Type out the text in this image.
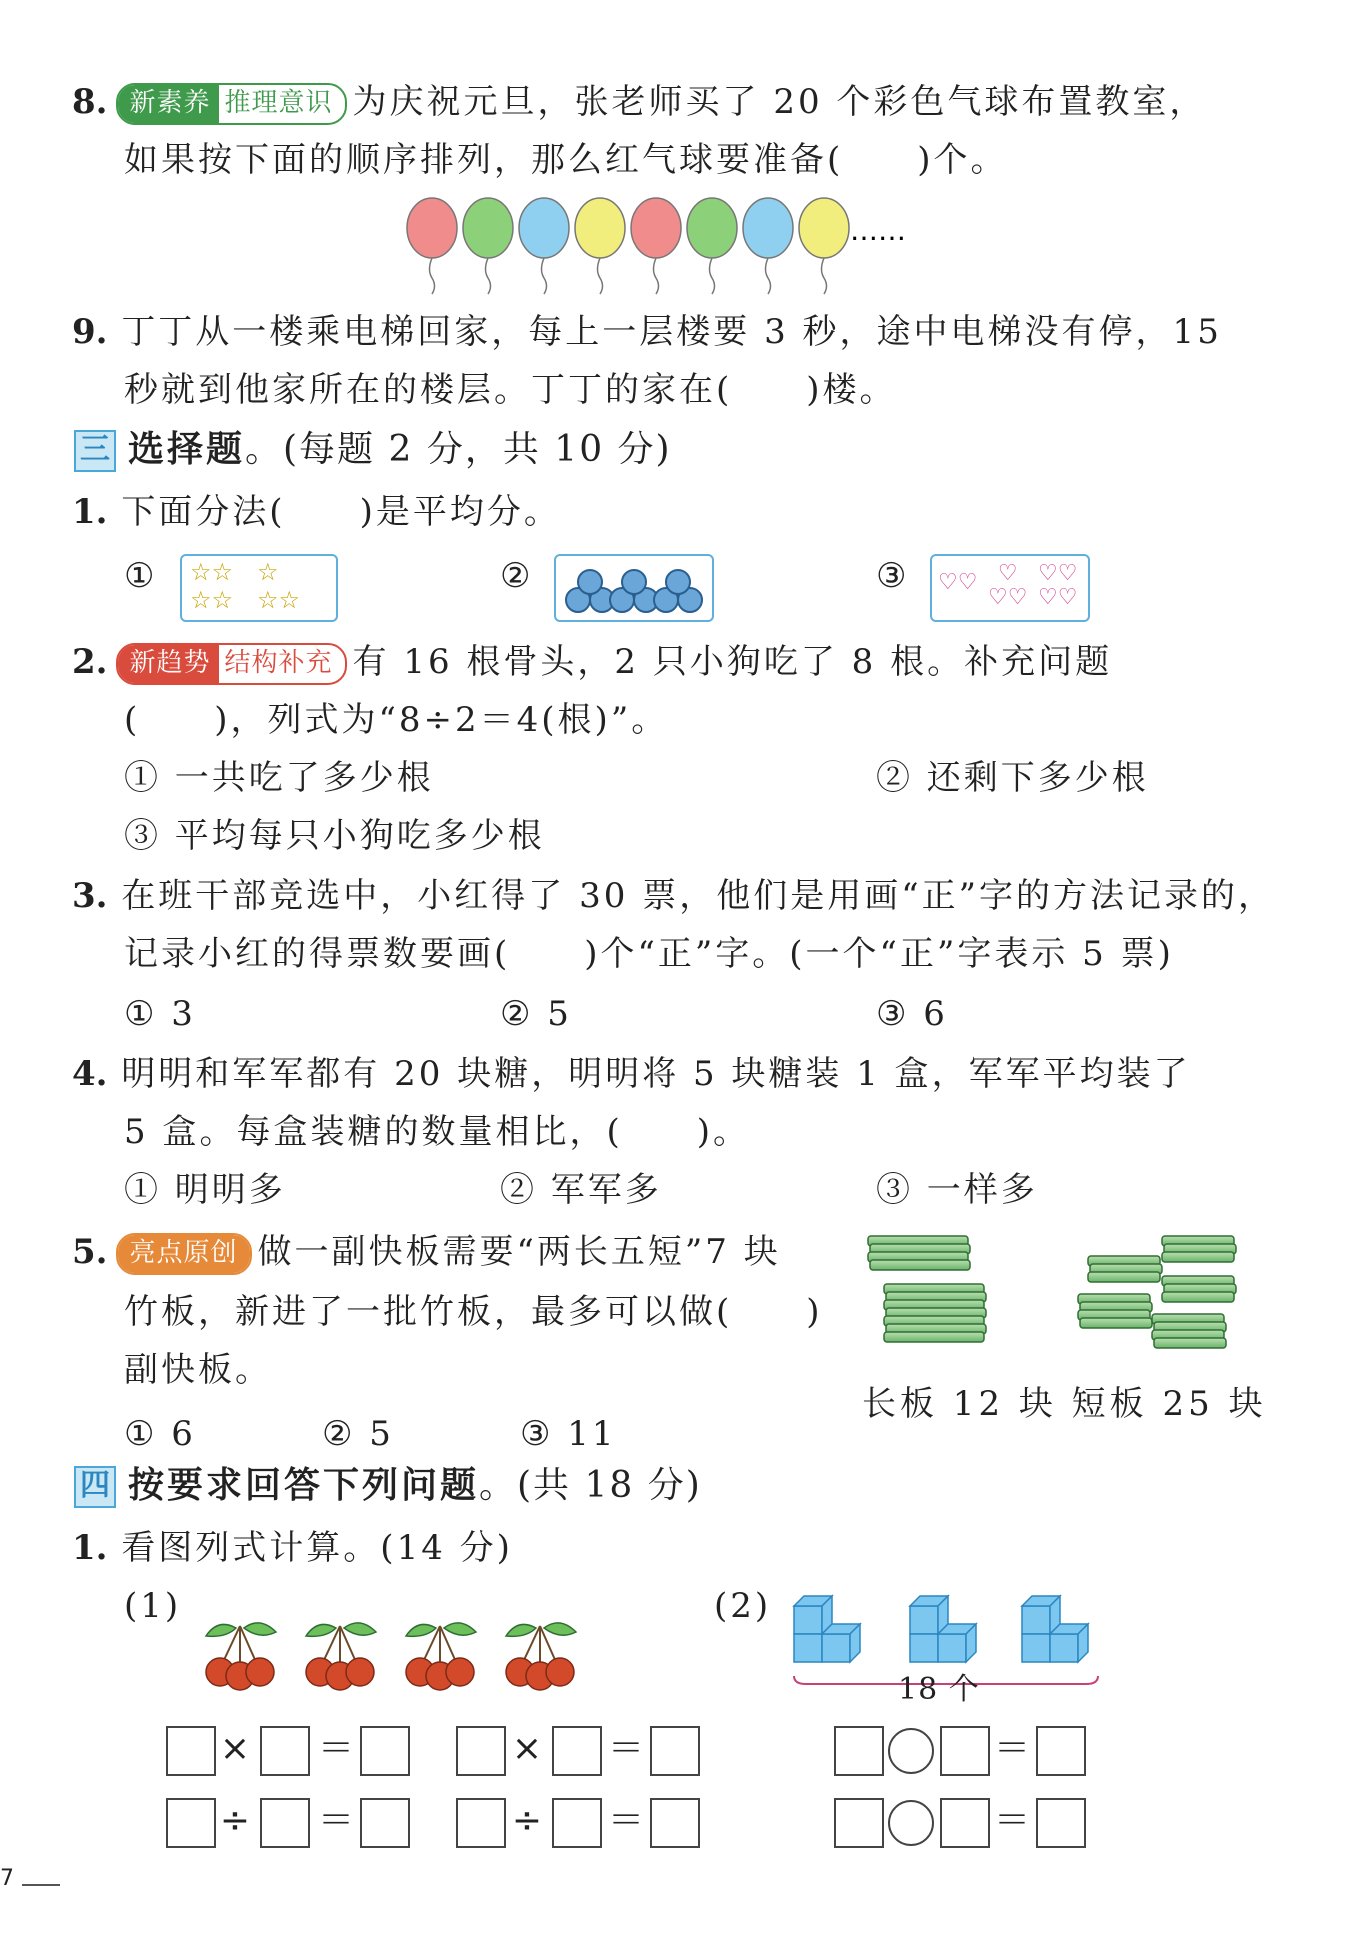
8. 新素养 推理意识 为庆祝元旦，张老师买了 20 个彩色气球布置教室，
如果按下面的顺序排列，那么红气球要准备(　　)个。
……
9. 丁丁从一楼乘电梯回家，每上一层楼要 3 秒，途中电梯没有停，15
秒就到他家所在的楼层。丁丁的家在(　　)楼。
三 选择题。(每题 2 分，共 10 分)
1. 下面分法(　　)是平均分。
① ☆☆　☆
☆☆　☆☆
②	③ ♡♡ ♡
♡♡
♡♡
♡♡
2. 新趋势 结构补充 有 16 根骨头，2 只小狗吃了 8 根。补充问题
(　　)，列式为“8÷2＝4(根)”。
① 一共吃了多少根	② 还剩下多少根
③ 平均每只小狗吃多少根
3. 在班干部竞选中，小红得了 30 票，他们是用画“正”字的方法记录的，
记录小红的得票数要画(　　)个“正”字。(一个“正”字表示 5 票)
① 3	② 5	③ 6
4. 明明和军军都有 20 块糖，明明将 5 块糖装 1 盒，军军平均装了
5 盒。每盒装糖的数量相比，(　　)。
① 明明多	② 军军多	③ 一样多
5. 亮点原创 做一副快板需要“两长五短”7 块
竹板，新进了一批竹板，最多可以做(　　)
副快板。
① 6	② 5	③ 11
长板 12 块 短板 25 块
四 按要求回答下列问题。(共 18 分)
1. 看图列式计算。(14 分)
(1)	(2)
18 个
× ＝	× ＝
÷ ＝	÷ ＝
＝
＝
7
